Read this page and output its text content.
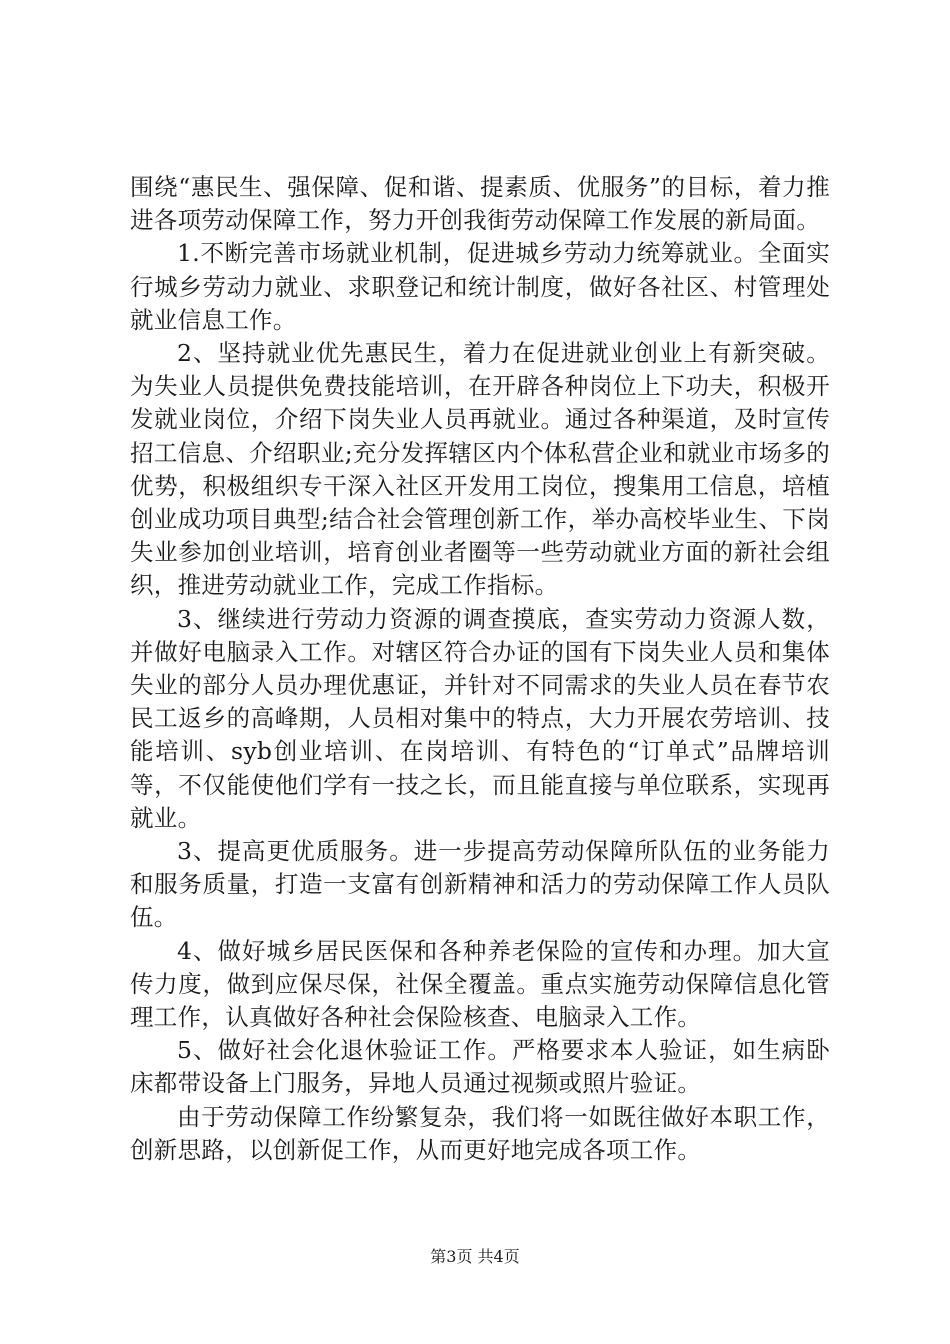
围绕“惠民生、强保障、促和谐、提素质、优服务”的目标，着力推进各项劳动保障工作，努力开创我街劳动保障工作发展的新局面。

1.不断完善市场就业机制，促进城乡劳动力统筹就业。全面实行城乡劳动力就业、求职登记和统计制度，做好各社区、村管理处就业信息工作。

2、坚持就业优先惠民生，着力在促进就业创业上有新突破。为失业人员提供免费技能培训，在开辟各种岗位上下功夫，积极开发就业岗位，介绍下岗失业人员再就业。通过各种渠道，及时宣传招工信息、介绍职业;充分发挥辖区内个体私营企业和就业市场多的优势，积极组织专干深入社区开发用工岗位，搜集用工信息，培植创业成功项目典型;结合社会管理创新工作，举办高校毕业生、下岗失业参加创业培训，培育创业者圈等一些劳动就业方面的新社会组织，推进劳动就业工作，完成工作指标。

3、继续进行劳动力资源的调查摸底，查实劳动力资源人数，并做好电脑录入工作。对辖区符合办证的国有下岗失业人员和集体失业的部分人员办理优惠证，并针对不同需求的失业人员在春节农民工返乡的高峰期，人员相对集中的特点，大力开展农劳培训、技能培训、syb创业培训、在岗培训、有特色的“订单式”品牌培训等，不仅能使他们学有一技之长，而且能直接与单位联系，实现再就业。

3、提高更优质服务。进一步提高劳动保障所队伍的业务能力和服务质量，打造一支富有创新精神和活力的劳动保障工作人员队伍。

4、做好城乡居民医保和各种养老保险的宣传和办理。加大宣传力度，做到应保尽保，社保全覆盖。重点实施劳动保障信息化管理工作，认真做好各种社会保险核查、电脑录入工作。

5、做好社会化退休验证工作。严格要求本人验证，如生病卧床都带设备上门服务，异地人员通过视频或照片验证。

由于劳动保障工作纷繁复杂，我们将一如既往做好本职工作，创新思路，以创新促工作，从而更好地完成各项工作。

第3页 共4页
